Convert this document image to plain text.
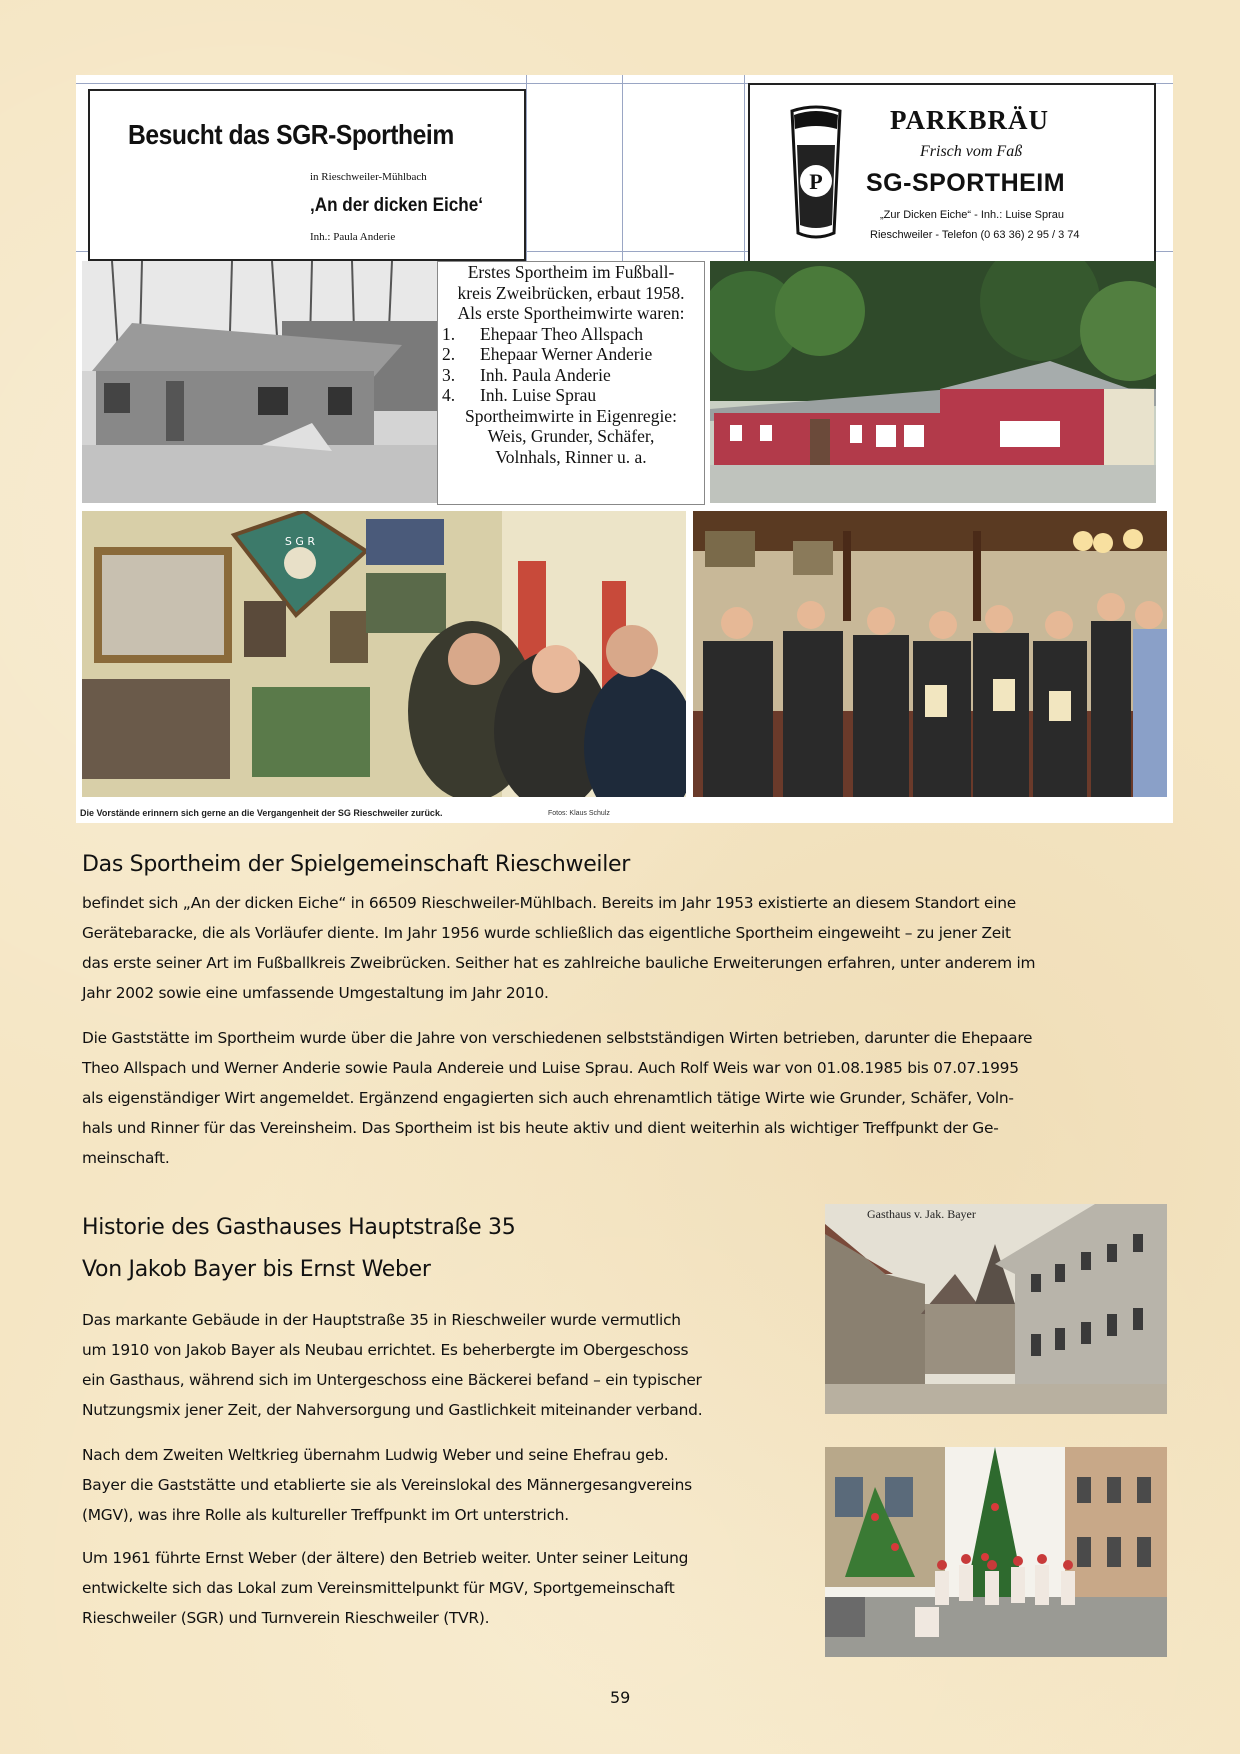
Besucht das SGR-Sportheim
in Rieschweiler-Mühlbach
‚An der dicken Eiche‘
Inh.: Paula Anderie
P
PARKBRÄU
Frisch vom Faß
SG-SPORTHEIM
„Zur Dicken Eiche“ - Inh.: Luise Sprau
Rieschweiler - Telefon (0 63 36) 2 95 / 3 74
Erstes Sportheim im Fußball-
kreis Zweibrücken, erbaut 1958.
Als erste Sportheimwirte waren:
1. Ehepaar Theo Allspach
2. Ehepaar Werner Anderie
3. Inh. Paula Anderie
4. Inh. Luise Sprau
Sportheimwirte in Eigenregie:
Weis, Grunder, Schäfer,
Volnhals, Rinner u. a.
S G R
Die Vorstände erinnern sich gerne an die Vergangenheit der SG Rieschweiler zurück.	Fotos: Klaus Schulz
Das Sportheim der Spielgemeinschaft Rieschweiler

befindet sich „An der dicken Eiche“ in 66509 Rieschweiler-Mühlbach. Bereits im Jahr 1953 existierte an diesem Standort eine
Gerätebaracke, die als Vorläufer diente. Im Jahr 1956 wurde schließlich das eigentliche Sportheim eingeweiht – zu jener Zeit
das erste seiner Art im Fußballkreis Zweibrücken. Seither hat es zahlreiche bauliche Erweiterungen erfahren, unter anderem im
Jahr 2002 sowie eine umfassende Umgestaltung im Jahr 2010.

Die Gaststätte im Sportheim wurde über die Jahre von verschiedenen selbstständigen Wirten betrieben, darunter die Ehepaare
Theo Allspach und Werner Anderie sowie Paula Andereie und Luise Sprau. Auch Rolf Weis war von 01.08.1985 bis 07.07.1995
als eigenständiger Wirt angemeldet. Ergänzend engagierten sich auch ehrenamtlich tätige Wirte wie Grunder, Schäfer, Voln-
hals und Rinner für das Vereinsheim. Das Sportheim ist bis heute aktiv und dient weiterhin als wichtiger Treffpunkt der Ge-
meinschaft.

Historie des Gasthauses Hauptstraße 35
Von Jakob Bayer bis Ernst Weber

Das markante Gebäude in der Hauptstraße 35 in Rieschweiler wurde vermutlich
um 1910 von Jakob Bayer als Neubau errichtet. Es beherbergte im Obergeschoss
ein Gasthaus, während sich im Untergeschoss eine Bäckerei befand – ein typischer
Nutzungsmix jener Zeit, der Nahversorgung und Gastlichkeit miteinander verband.

Nach dem Zweiten Weltkrieg übernahm Ludwig Weber und seine Ehefrau geb.
Bayer die Gaststätte und etablierte sie als Vereinslokal des Männergesangvereins
(MGV), was ihre Rolle als kultureller Treffpunkt im Ort unterstrich.

Um 1961 führte Ernst Weber (der ältere) den Betrieb weiter. Unter seiner Leitung
entwickelte sich das Lokal zum Vereinsmittelpunkt für MGV, Sportgemeinschaft
Rieschweiler (SGR) und Turnverein Rieschweiler (TVR).

Gasthaus v. Jak. Bayer
59
